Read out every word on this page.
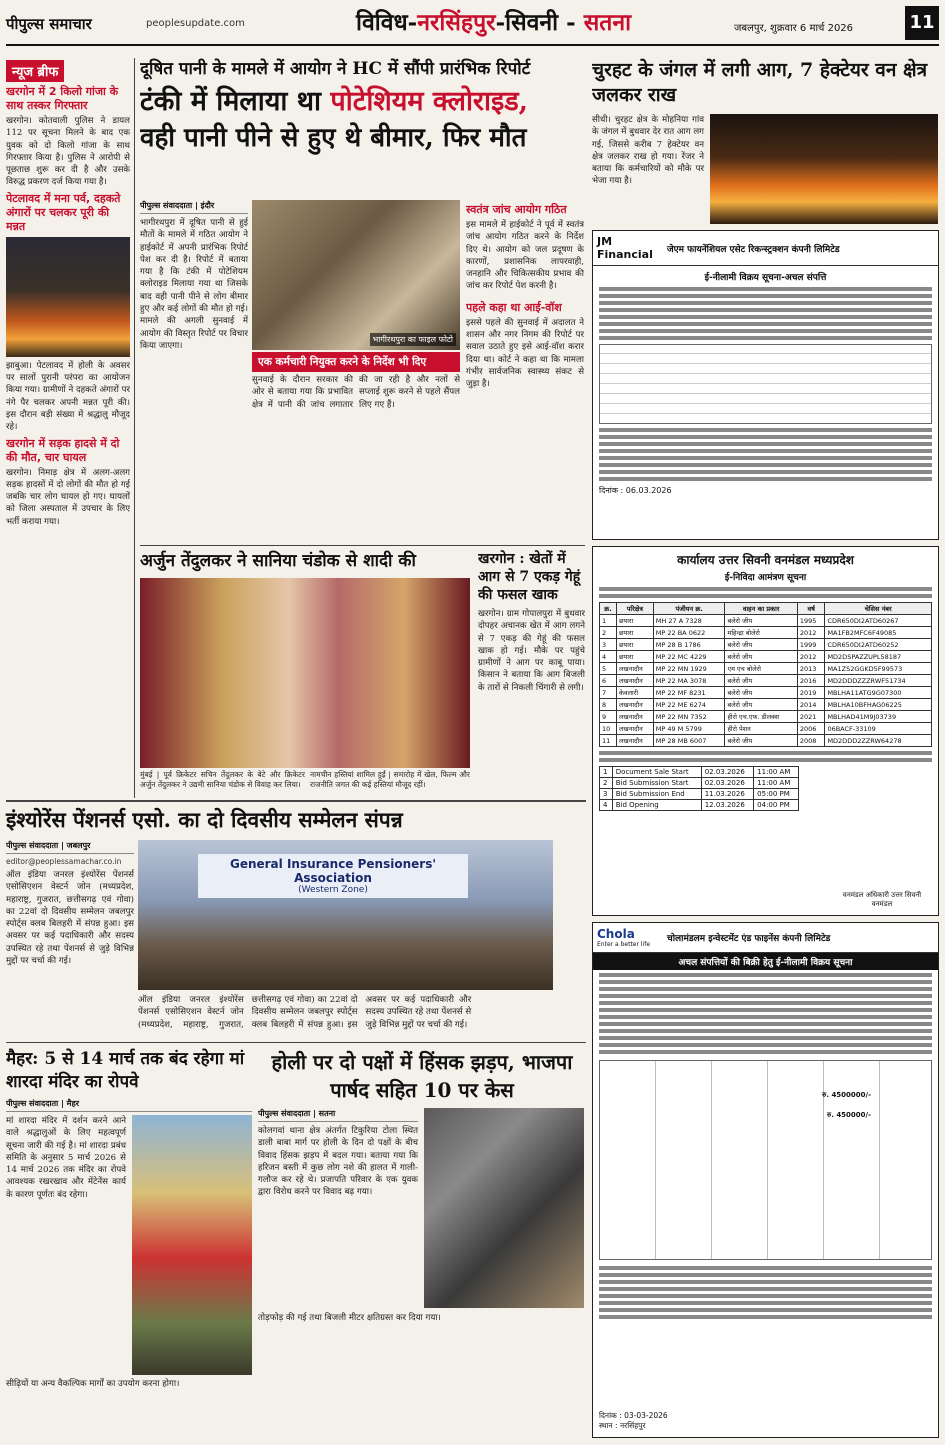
पीपुल्स समाचार	peoplesupdate.com	विविध-नरसिंहपुर-सिवनी - सतना	जबलपुर, शुक्रवार 6 मार्च 2026	11
न्यूज ब्रीफ
खरगोन में 2 किलो गांजा के साथ तस्कर गिरफ्तार
खरगोन। कोतवाली पुलिस ने डायल 112 पर सूचना मिलने के बाद एक युवक को दो किलो गांजा के साथ गिरफ्तार किया है। पुलिस ने आरोपी से पूछताछ शुरू कर दी है और उसके विरुद्ध प्रकरण दर्ज किया गया है।
पेटलावद में मना पर्व, दहकते अंगारों पर चलकर पूरी की मन्नत
झाबुआ। पेटलावद में होली के अवसर पर सालों पुरानी परंपरा का आयोजन किया गया। ग्रामीणों ने दहकते अंगारों पर नंगे पैर चलकर अपनी मन्नत पूरी की। इस दौरान बड़ी संख्या में श्रद्धालु मौजूद रहे।
खरगोन में सड़क हादसे में दो की मौत, चार घायल
खरगोन। निमाड़ क्षेत्र में अलग-अलग सड़क हादसों में दो लोगों की मौत हो गई जबकि चार लोग घायल हो गए। घायलों को जिला अस्पताल में उपचार के लिए भर्ती कराया गया।
दूषित पानी के मामले में आयोग ने HC में सौंपी प्रारंभिक रिपोर्ट
टंकी में मिलाया था पोटेशियम क्लोराइड,
वही पानी पीने से हुए थे बीमार, फिर मौत
पीपुल्स संवाददाता | इंदौर
भागीरथपुरा में दूषित पानी से हुई मौतों के मामले में गठित आयोग ने हाईकोर्ट में अपनी प्रारंभिक रिपोर्ट पेश कर दी है। रिपोर्ट में बताया गया है कि टंकी में पोटेशियम क्लोराइड मिलाया गया था जिसके बाद वही पानी पीने से लोग बीमार हुए और कई लोगों की मौत हो गई। मामले की अगली सुनवाई में आयोग की विस्तृत रिपोर्ट पर विचार किया जाएगा।
भागीरथपुरा का फाइल फोटो
एक कर्मचारी नियुक्त करने के निर्देश भी दिए
सुनवाई के दौरान सरकार की ओर से बताया गया कि प्रभावित क्षेत्र में पानी की जांच लगातार की जा रही है और नलों से सप्लाई शुरू करने से पहले सैंपल लिए गए हैं।
स्वतंत्र जांच आयोग गठित
इस मामले में हाईकोर्ट ने पूर्व में स्वतंत्र जांच आयोग गठित करने के निर्देश दिए थे। आयोग को जल प्रदूषण के कारणों, प्रशासनिक लापरवाही, जनहानि और चिकित्सकीय प्रभाव की जांच कर रिपोर्ट पेश करनी है।
पहले कहा था आई-वॉश
इससे पहले की सुनवाई में अदालत ने शासन और नगर निगम की रिपोर्ट पर सवाल उठाते हुए इसे आई-वॉश करार दिया था। कोर्ट ने कहा था कि मामला गंभीर सार्वजनिक स्वास्थ्य संकट से जुड़ा है।
अर्जुन तेंदुलकर ने सानिया चंडोक से शादी की
मुंबई | पूर्व क्रिकेटर सचिन तेंदुलकर के बेटे और क्रिकेटर अर्जुन तेंदुलकर ने उद्यमी सानिया चंडोक से विवाह कर लिया।
नामचीन हस्तियां शामिल हुईं | समारोह में खेल, फिल्म और राजनीति जगत की कई हस्तियां मौजूद रहीं।
खरगोन : खेतों में आग से 7 एकड़ गेहूं की फसल खाक
खरगोन। ग्राम गोपालपुरा में बुधवार दोपहर अचानक खेत में आग लगने से 7 एकड़ की गेहूं की फसल खाक हो गई। मौके पर पहुंचे ग्रामीणों ने आग पर काबू पाया। किसान ने बताया कि आग बिजली के तारों से निकली चिंगारी से लगी।
इंश्योरेंस पेंशनर्स एसो. का दो दिवसीय सम्मेलन संपन्न
पीपुल्स संवाददाता | जबलपुर
editor@peoplessamachar.co.in
ऑल इंडिया जनरल इंश्योरेंस पेंशनर्स एसोसिएशन वेस्टर्न जोन (मध्यप्रदेश, महाराष्ट्र, गुजरात, छत्तीसगढ़ एवं गोवा) का 22वां दो दिवसीय सम्मेलन जबलपुर स्पोर्ट्स क्लब बिलहरी में संपन्न हुआ। इस अवसर पर कई पदाधिकारी और सदस्य उपस्थित रहे तथा पेंशनर्स से जुड़े विभिन्न मुद्दों पर चर्चा की गई।
General Insurance Pensioners' Association
(Western Zone)
ऑल इंडिया जनरल इंश्योरेंस पेंशनर्स एसोसिएशन वेस्टर्न जोन (मध्यप्रदेश, महाराष्ट्र, गुजरात, छत्तीसगढ़ एवं गोवा) का 22वां दो दिवसीय सम्मेलन जबलपुर स्पोर्ट्स क्लब बिलहरी में संपन्न हुआ। इस अवसर पर कई पदाधिकारी और सदस्य उपस्थित रहे तथा पेंशनर्स से जुड़े विभिन्न मुद्दों पर चर्चा की गई।
मैहर: 5 से 14 मार्च तक बंद रहेगा मां शारदा मंदिर का रोपवे
पीपुल्स संवाददाता | मैहर
मां शारदा मंदिर में दर्शन करने आने वाले श्रद्धालुओं के लिए महत्वपूर्ण सूचना जारी की गई है। मां शारदा प्रबंध समिति के अनुसार 5 मार्च 2026 से 14 मार्च 2026 तक मंदिर का रोपवे आवश्यक रखरखाव और मेंटेनेंस कार्य के कारण पूर्णतः बंद रहेगा।
सीढ़ियों या अन्य वैकल्पिक मार्गों का उपयोग करना होगा।
होली पर दो पक्षों में हिंसक झड़प, भाजपा पार्षद सहित 10 पर केस
पीपुल्स संवाददाता | सतना
कोलगवां थाना क्षेत्र अंतर्गत टिकुरिया टोला स्थित डाली बाबा मार्ग पर होली के दिन दो पक्षों के बीच विवाद हिंसक झड़प में बदल गया। बताया गया कि हरिजन बस्ती में कुछ लोग नशे की हालत में गाली-गलौज कर रहे थे। प्रजापति परिवार के एक युवक द्वारा विरोध करने पर विवाद बढ़ गया।
तोड़फोड़ की गई तथा बिजली मीटर क्षतिग्रस्त कर दिया गया।
चुरहट के जंगल में लगी आग, 7 हेक्टेयर वन क्षेत्र जलकर राख
सीधी। चुरहट क्षेत्र के मोहनिया गांव के जंगल में बुधवार देर रात आग लग गई, जिससे करीब 7 हेक्टेयर वन क्षेत्र जलकर राख हो गया। रेंजर ने बताया कि कर्मचारियों को मौके पर भेजा गया है।
JM Financial	जेएम फायनेंशियल एसेट रिकन्स्ट्रक्शन कंपनी लिमिटेड
ई-नीलामी विक्रय सूचना-अचल संपत्ति
दिनांक : 06.03.2026
कार्यालय उत्तर सिवनी वनमंडल मध्यप्रदेश
ई-निविदा आमंत्रण सूचना
क्र.	परिक्षेत्र	पंजीयन क्र.	वाहन का प्रकार	वर्ष	चेसिस नंबर
1	छपारा	MH 27 A 7328	बलेरो जीप	1995	CDR650DI2ATD60267
2	छपारा	MP 22 BA 0622	महिन्द्रा बोलेरो	2012	MA1FB2MFC6F49085
3	छपारा	MP 28 B 1786	बलेरो जीप	1999	CDR650DI2ATD60252
4	छपारा	MP 22 MC 4229	बलेरो जीप	2012	MD2DSPAZZUPL58187
5	लखनादौन	MP 22 MN 1929	एम एच बोलेरो	2013	MA1ZS2GGKD5F99573
6	लखनादौन	MP 22 MA 3078	बलेरो जीप	2016	MD2DDDZZZRWF51734
7	केवलारी	MP 22 MF 8231	बलेरो जीप	2019	MBLHA11ATG9G07300
8	लखनादौन	MP 22 ME 6274	बलेरो जीप	2014	MBLHA10BFHAG06225
9	लखनादौन	MP 22 MN 7352	हीरो एच.एफ. डीलक्स	2021	MBLHAD41M9J03739
10	लखनादौन	MP 49 M 5799	हीरो पेशन	2006	06BACF-33109
11	लखनादौन	MP 28 MB 6007	बलेरो जीप	2008	MD2DDD2ZZRW64278
1	Document Sale Start	02.03.2026	11:00 AM
2	Bid Submission Start	02.03.2026	11:00 AM
3	Bid Submission End	11.03.2026	05:00 PM
4	Bid Opening	12.03.2026	04:00 PM
वनमंडल अधिकारी उत्तर सिवनी वनमंडल
Chola
Enter a better life
चोलामंडलम इन्वेस्टमेंट एंड फाइनेंस कंपनी लिमिटेड
अचल संपत्तियों की बिक्री हेतु ई-नीलामी विक्रय सूचना
रु. 4500000/-
रु. 450000/-
दिनांक : 03-03-2026
स्थान : नरसिंहपुर
